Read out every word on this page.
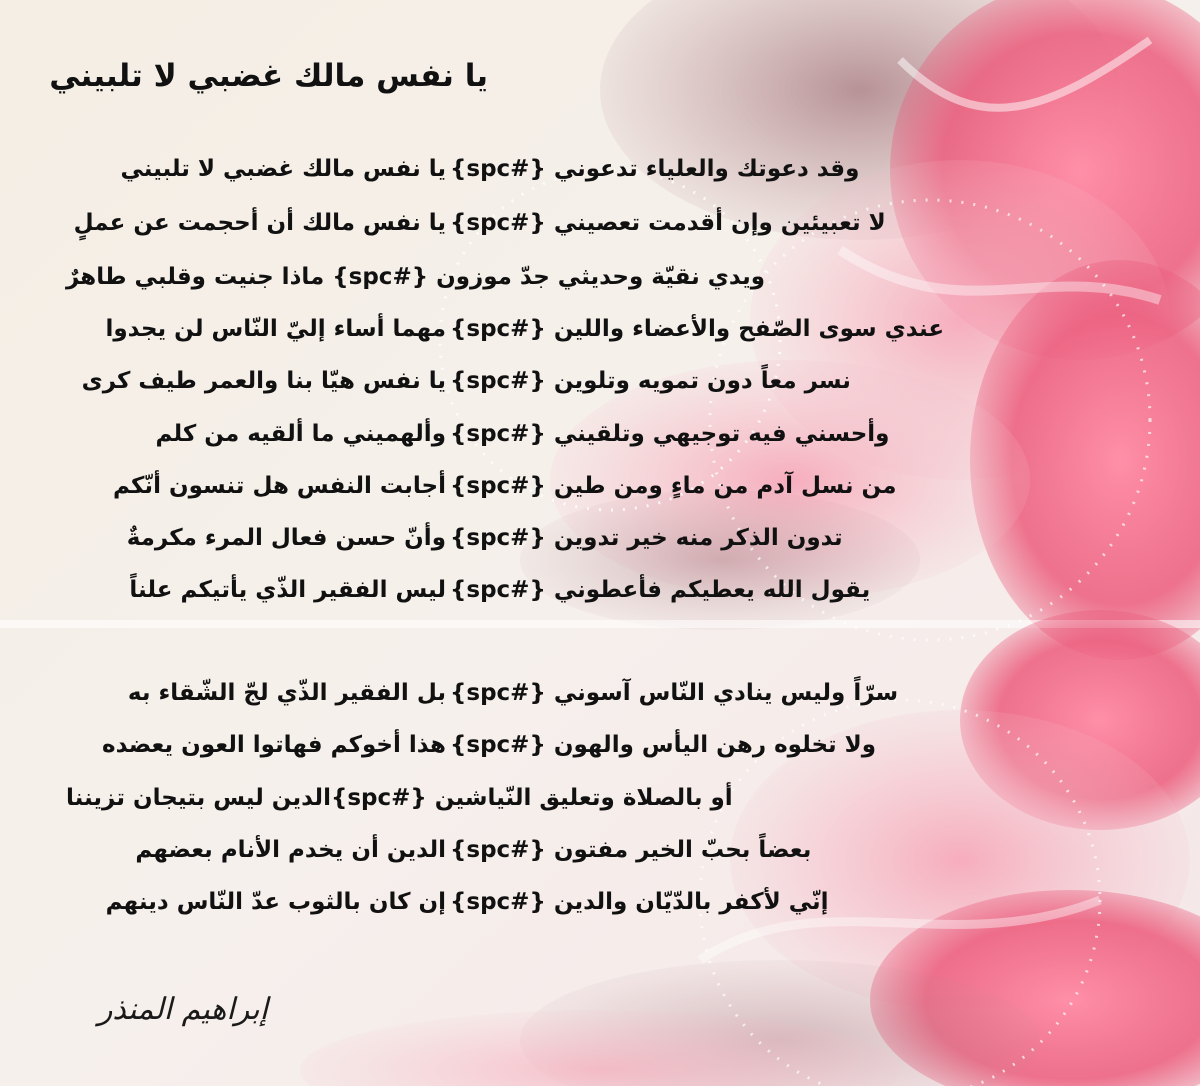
يا نفس مالك غضبي لا تلبيني
وقد دعوتك والعلياء تدعوني {#spc}
يا نفس مالك غضبي لا تلبيني
لا تعبيئين وإن أقدمت تعصيني {#spc}
يا نفس مالك أن أحجمت عن عملٍ
ويدي نقيّة وحديثي جدّ موزون {#spc} ماذا جنيت وقلبي طاهرٌ
عندي سوى الصّفح والأعضاء واللين {#spc}
مهما أساء إليّ النّاس لن يجدوا
نسر معاً دون تمويه وتلوين {#spc}
يا نفس هيّا بنا والعمر طيف كرى
وأحسني فيه توجيهي وتلقيني {#spc}
وألهميني ما ألقيه من كلم
من نسل آدم من ماءٍ ومن طين {#spc}
أجابت النفس هل تنسون أنّكم
تدون الذكر منه خير تدوين {#spc}
وأنّ حسن فعال المرء مكرمةٌ
يقول الله يعطيكم فأعطوني {#spc}
ليس الفقير الذّي يأتيكم علناً
سرّاً وليس ينادي النّاس آسوني {#spc}
بل الفقير الذّي لجّ الشّقاء به
ولا تخلوه رهن اليأس والهون {#spc}
هذا أخوكم فهاتوا العون يعضده
أو بالصلاة وتعليق النّياشين {#spc}الدين ليس بتيجان تزيننا
بعضاً بحبّ الخير مفتون {#spc}
الدين أن يخدم الأنام بعضهم
إنّي لأكفر بالدّيّان والدين {#spc}
إن كان بالثوب عدّ النّاس دينهم
إبراهيم المنذر
